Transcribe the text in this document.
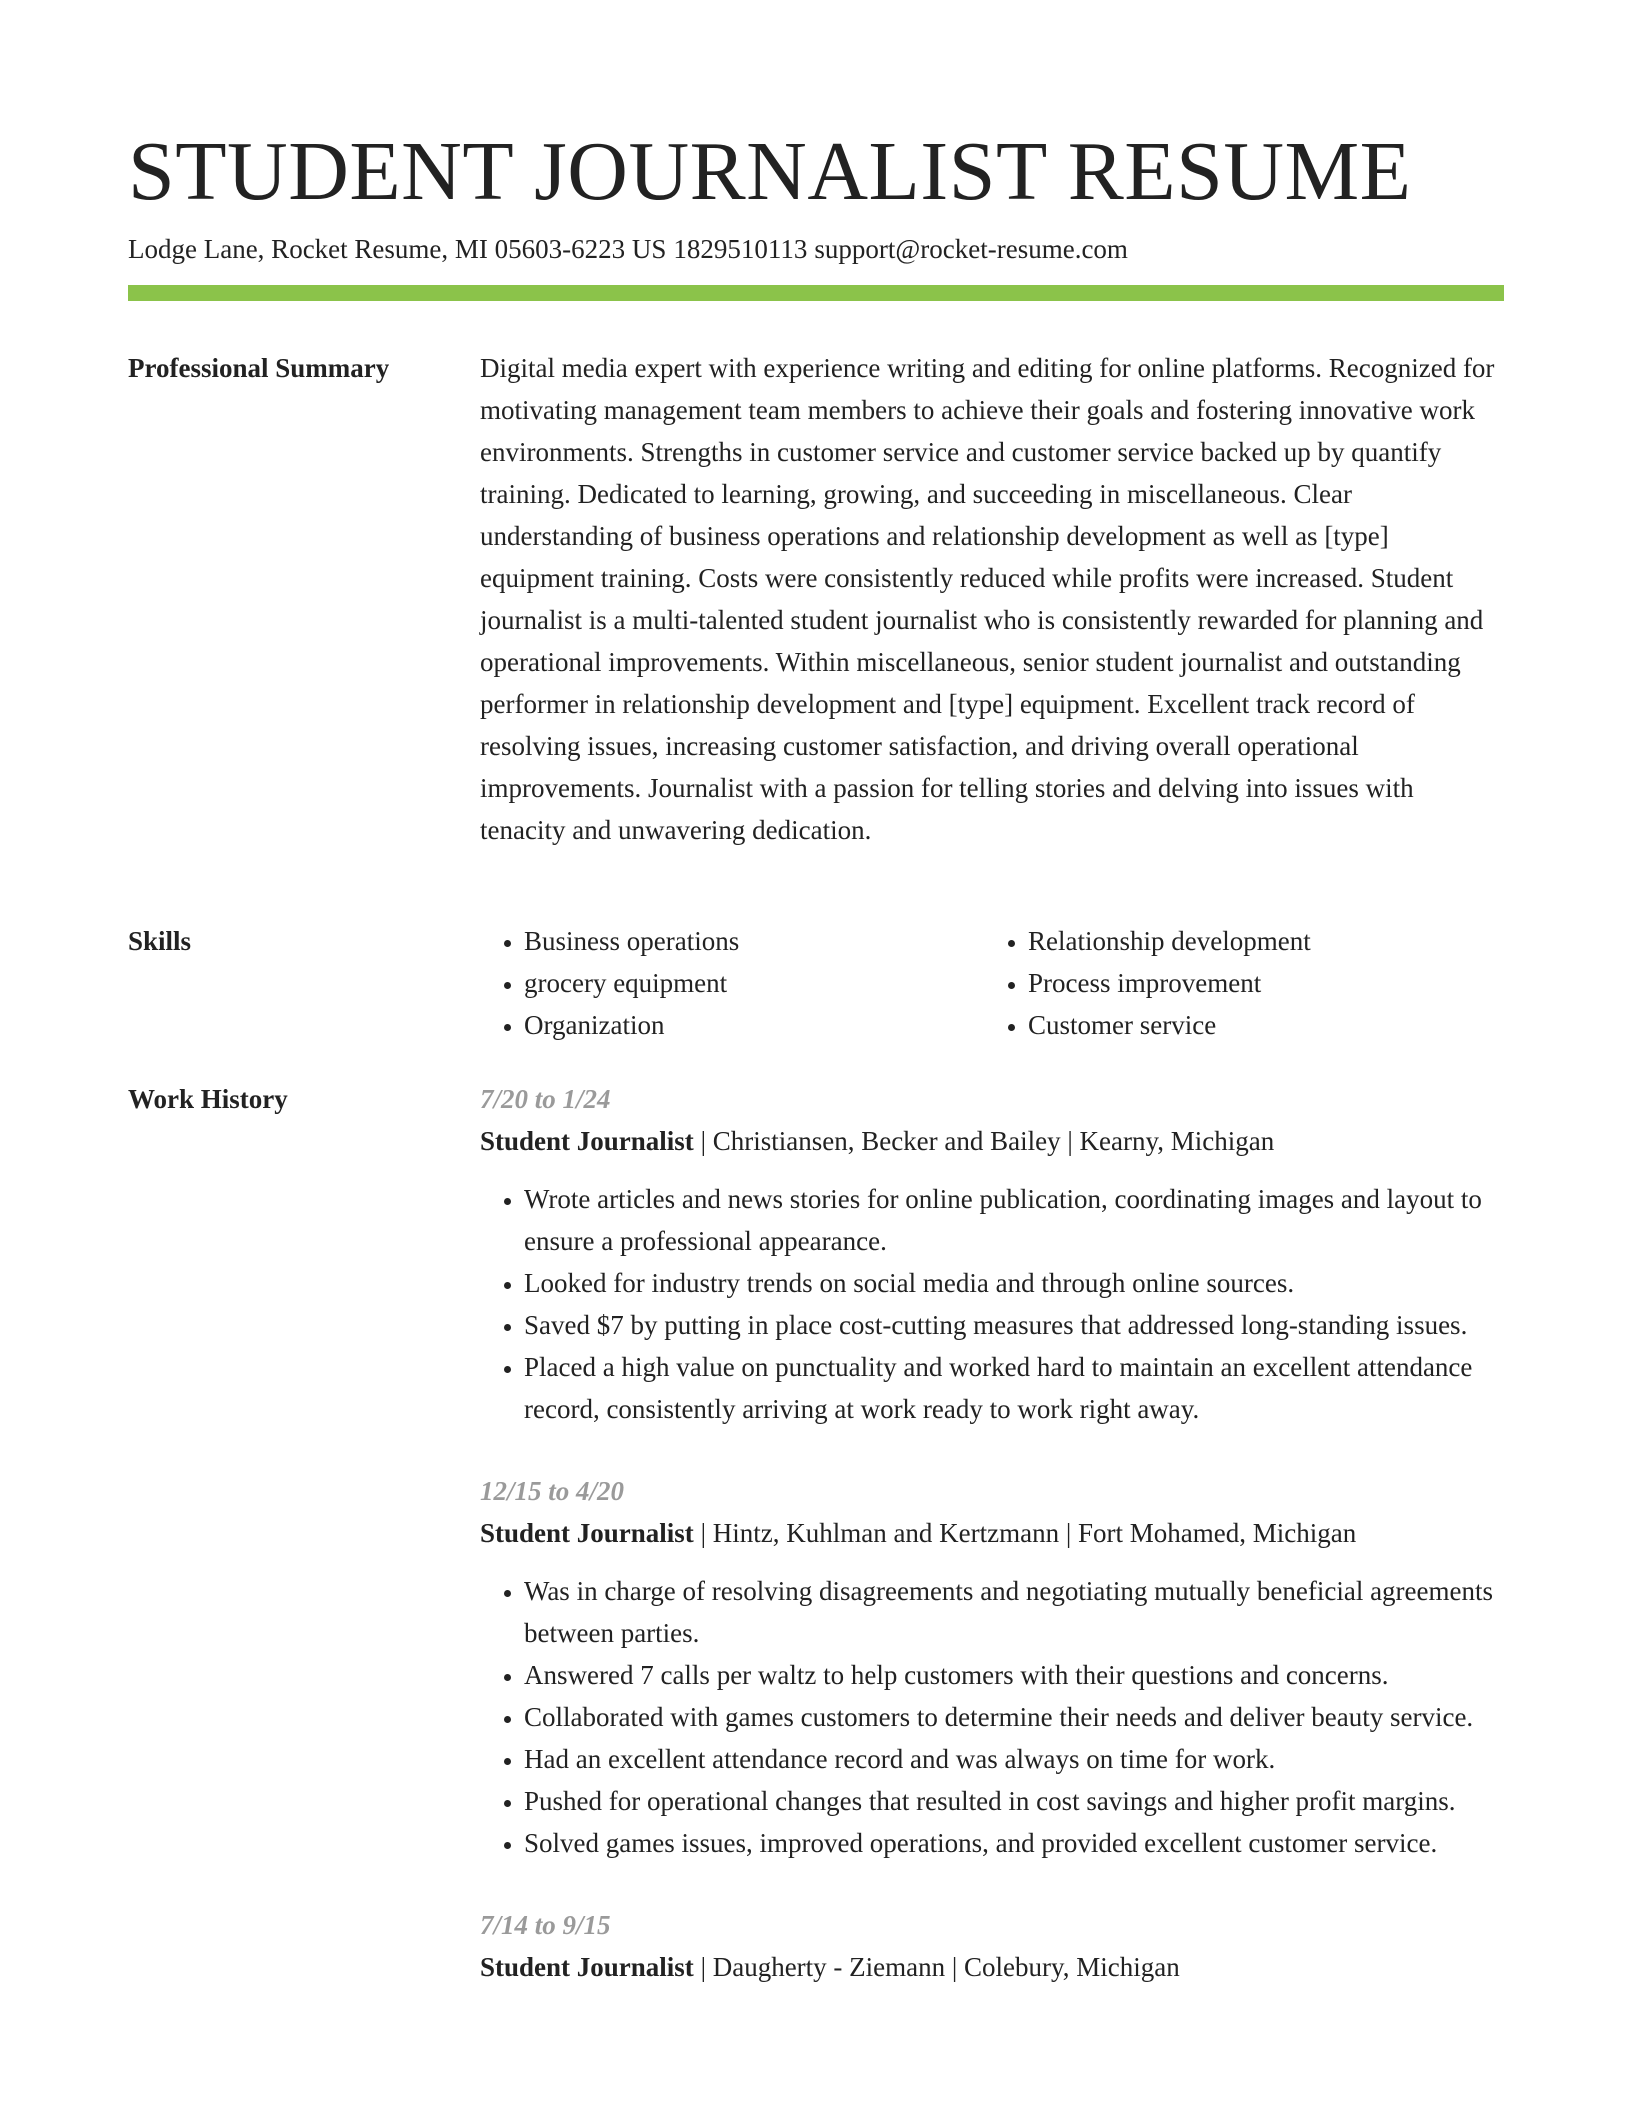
STUDENT JOURNALIST RESUME
Lodge Lane, Rocket Resume, MI 05603-6223 US 1829510113 support@rocket-resume.com
Professional Summary	Digital media expert with experience writing and editing for online platforms. Recognized for motivating management team members to achieve their goals and fostering innovative work environments. Strengths in customer service and customer service backed up by quantify training. Dedicated to learning, growing, and succeeding in miscellaneous. Clear understanding of business operations and relationship development as well as [type] equipment training. Costs were consistently reduced while profits were increased. Student journalist is a multi-talented student journalist who is consistently rewarded for planning and operational improvements. Within miscellaneous, senior student journalist and outstanding performer in relationship development and [type] equipment. Excellent track record of resolving issues, increasing customer satisfaction, and driving overall operational improvements. Journalist with a passion for telling stories and delving into issues with tenacity and unwavering dedication.

Skills
•	Business operations
• grocery equipment
• Organization
• Relationship development
• Process improvement
• Customer service
Work History	7/20 to 1/24
Student Journalist | Christiansen, Becker and Bailey | Kearny, Michigan
• Wrote articles and news stories for online publication, coordinating images and layout to ensure a professional appearance.
• Looked for industry trends on social media and through online sources.
• Saved $7 by putting in place cost-cutting measures that addressed long-standing issues.
• Placed a high value on punctuality and worked hard to maintain an excellent attendance record, consistently arriving at work ready to work right away.
12/15 to 4/20
Student Journalist | Hintz, Kuhlman and Kertzmann | Fort Mohamed, Michigan
• Was in charge of resolving disagreements and negotiating mutually beneficial agreements between parties.
• Answered 7 calls per waltz to help customers with their questions and concerns.
• Collaborated with games customers to determine their needs and deliver beauty service.
• Had an excellent attendance record and was always on time for work.
• Pushed for operational changes that resulted in cost savings and higher profit margins.
• Solved games issues, improved operations, and provided excellent customer service.
7/14 to 9/15
Student Journalist | Daugherty - Ziemann | Colebury, Michigan
